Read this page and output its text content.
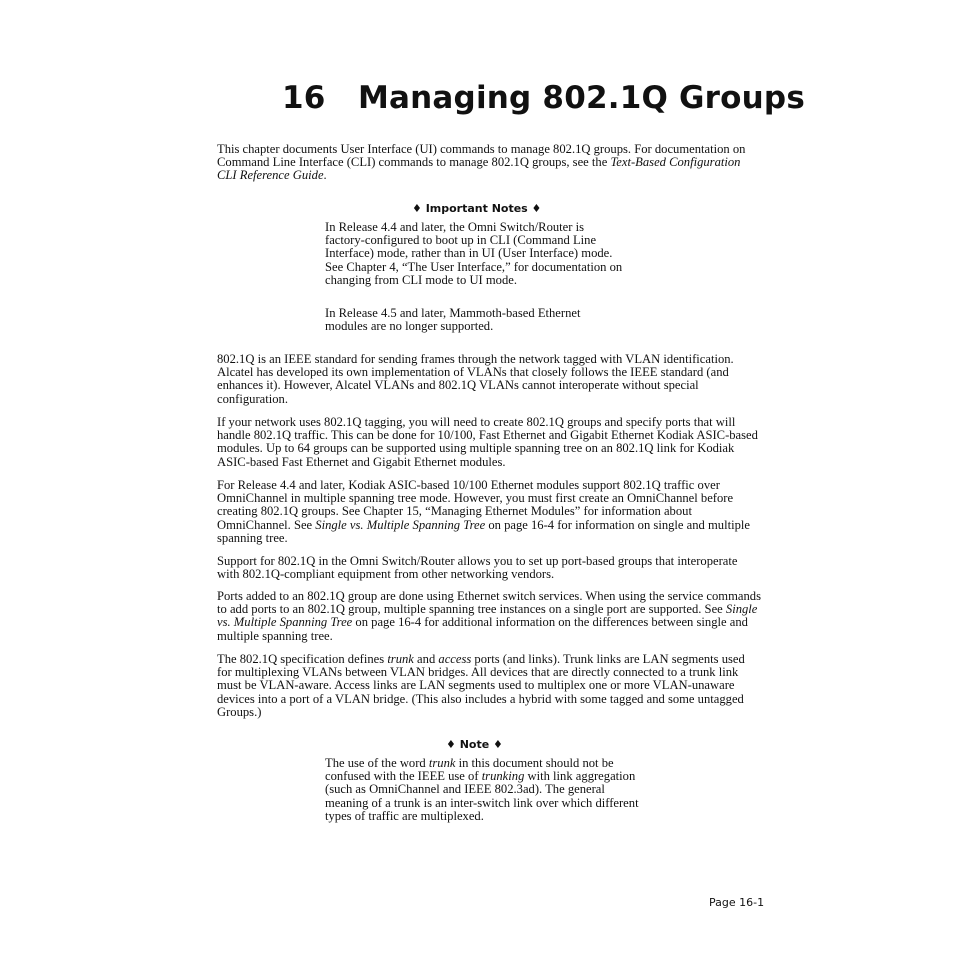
16 Managing 802.1Q Groups

This chapter documents User Interface (UI) commands to manage 802.1Q groups. For documentation on Command Line Interface (CLI) commands to manage 802.1Q groups, see the Text-Based Configuration CLI Reference Guide.

♦ Important Notes ♦

In Release 4.4 and later, the Omni Switch/Router is factory-configured to boot up in CLI (Command Line Interface) mode, rather than in UI (User Interface) mode. See Chapter 4, “The User Interface,” for documentation on changing from CLI mode to UI mode.

In Release 4.5 and later, Mammoth-based Ethernet modules are no longer supported.

802.1Q is an IEEE standard for sending frames through the network tagged with VLAN identification. Alcatel has developed its own implementation of VLANs that closely follows the IEEE standard (and enhances it). However, Alcatel VLANs and 802.1Q VLANs cannot interoperate without special configuration.

If your network uses 802.1Q tagging, you will need to create 802.1Q groups and specify ports that will handle 802.1Q traffic. This can be done for 10/100, Fast Ethernet and Gigabit Ethernet Kodiak ASIC-based modules. Up to 64 groups can be supported using multiple spanning tree on an 802.1Q link for Kodiak ASIC-based Fast Ethernet and Gigabit Ethernet modules.

For Release 4.4 and later, Kodiak ASIC-based 10/100 Ethernet modules support 802.1Q traffic over OmniChannel in multiple spanning tree mode. However, you must first create an OmniChannel before creating 802.1Q groups. See Chapter 15, “Managing Ethernet Modules” for information about OmniChannel. See Single vs. Multiple Spanning Tree on page 16-4 for information on single and multiple spanning tree.

Support for 802.1Q in the Omni Switch/Router allows you to set up port-based groups that interoperate with 802.1Q-compliant equipment from other networking vendors.

Ports added to an 802.1Q group are done using Ethernet switch services. When using the service commands to add ports to an 802.1Q group, multiple spanning tree instances on a single port are supported. See Single vs. Multiple Spanning Tree on page 16-4 for additional information on the differences between single and multiple spanning tree.

The 802.1Q specification defines trunk and access ports (and links). Trunk links are LAN segments used for multiplexing VLANs between VLAN bridges. All devices that are directly connected to a trunk link must be VLAN-aware. Access links are LAN segments used to multiplex one or more VLAN-unaware devices into a port of a VLAN bridge. (This also includes a hybrid with some tagged and some untagged Groups.)

♦ Note ♦

The use of the word trunk in this document should not be confused with the IEEE use of trunking with link aggregation (such as OmniChannel and IEEE 802.3ad). The general meaning of a trunk is an inter-switch link over which different types of traffic are multiplexed.

Page 16-1
